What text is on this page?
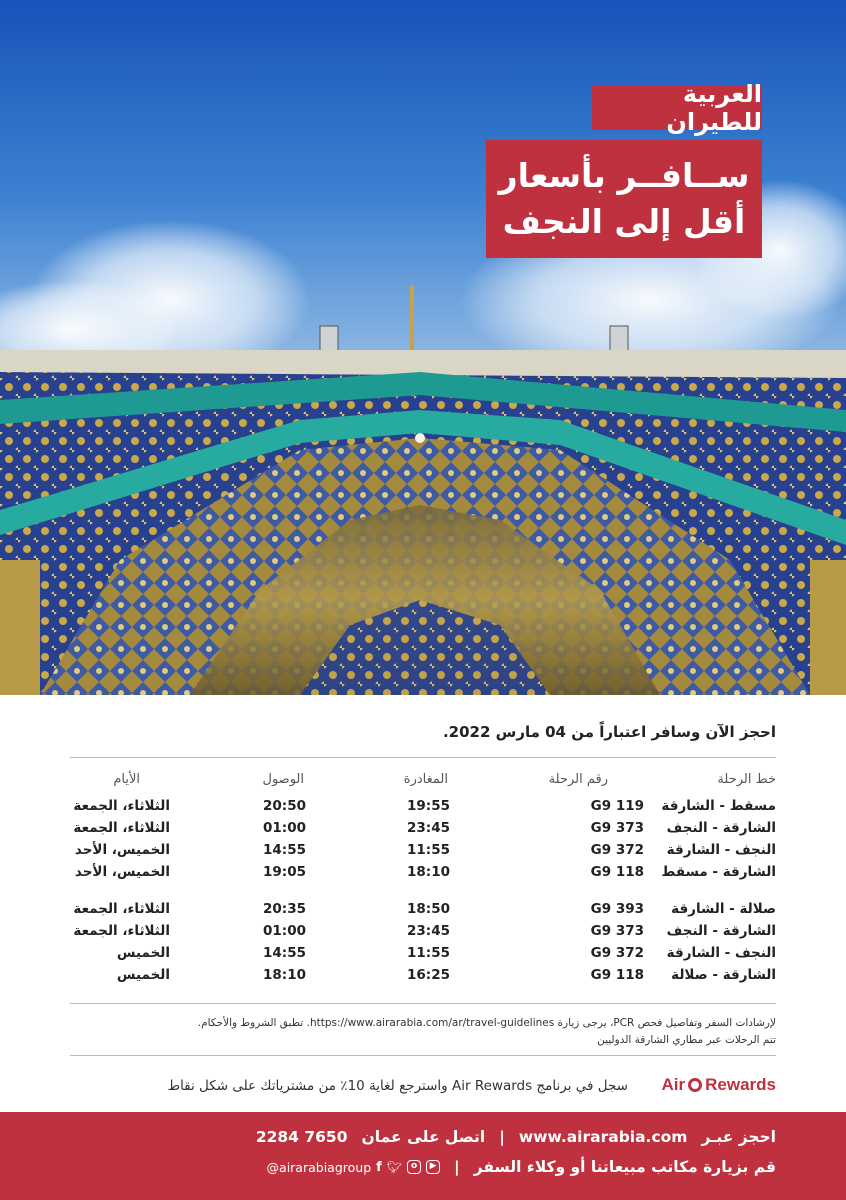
العربية للطيران
ســافــر بأسعار
أقل إلى النجف
احجز الآن وسافر اعتباراً من 04 مارس 2022.
خط الرحلة
رقم الرحلة
المغادرة
الوصول
الأيام
مسقط - الشارقة
G9 119
19:55
20:50
الثلاثاء، الجمعة
الشارقة - النجف
G9 373
23:45
01:00
الثلاثاء، الجمعة
النجف - الشارقة
G9 372
11:55
14:55
الخميس، الأحد
الشارقة - مسقط
G9 118
18:10
19:05
الخميس، الأحد
صلالة - الشارقة
G9 393
18:50
20:35
الثلاثاء، الجمعة
الشارقة - النجف
G9 373
23:45
01:00
الثلاثاء، الجمعة
النجف - الشارقة
G9 372
11:55
14:55
الخميس
الشارقة - صلالة
G9 118
16:25
18:10
الخميس
لإرشادات السفر وتفاصيل فحص PCR، يرجى زيارة https://www.airarabia.com/ar/travel-guidelines. تطبق الشروط والأحكام.
تتم الرحلات عبر مطاري الشارقة الدوليين
Air Rewards
سجل في برنامج Air Rewards واسترجع لغاية 10٪ من مشترياتك على شكل نقاط
احجز عبـر
www.airarabia.com
|
اتصل على عمان
2284 7650
قم بزيارة مكاتب مبيعاتنا أو وكلاء السفر
|
@airarabiagroup f 🐦︎ o	▶
